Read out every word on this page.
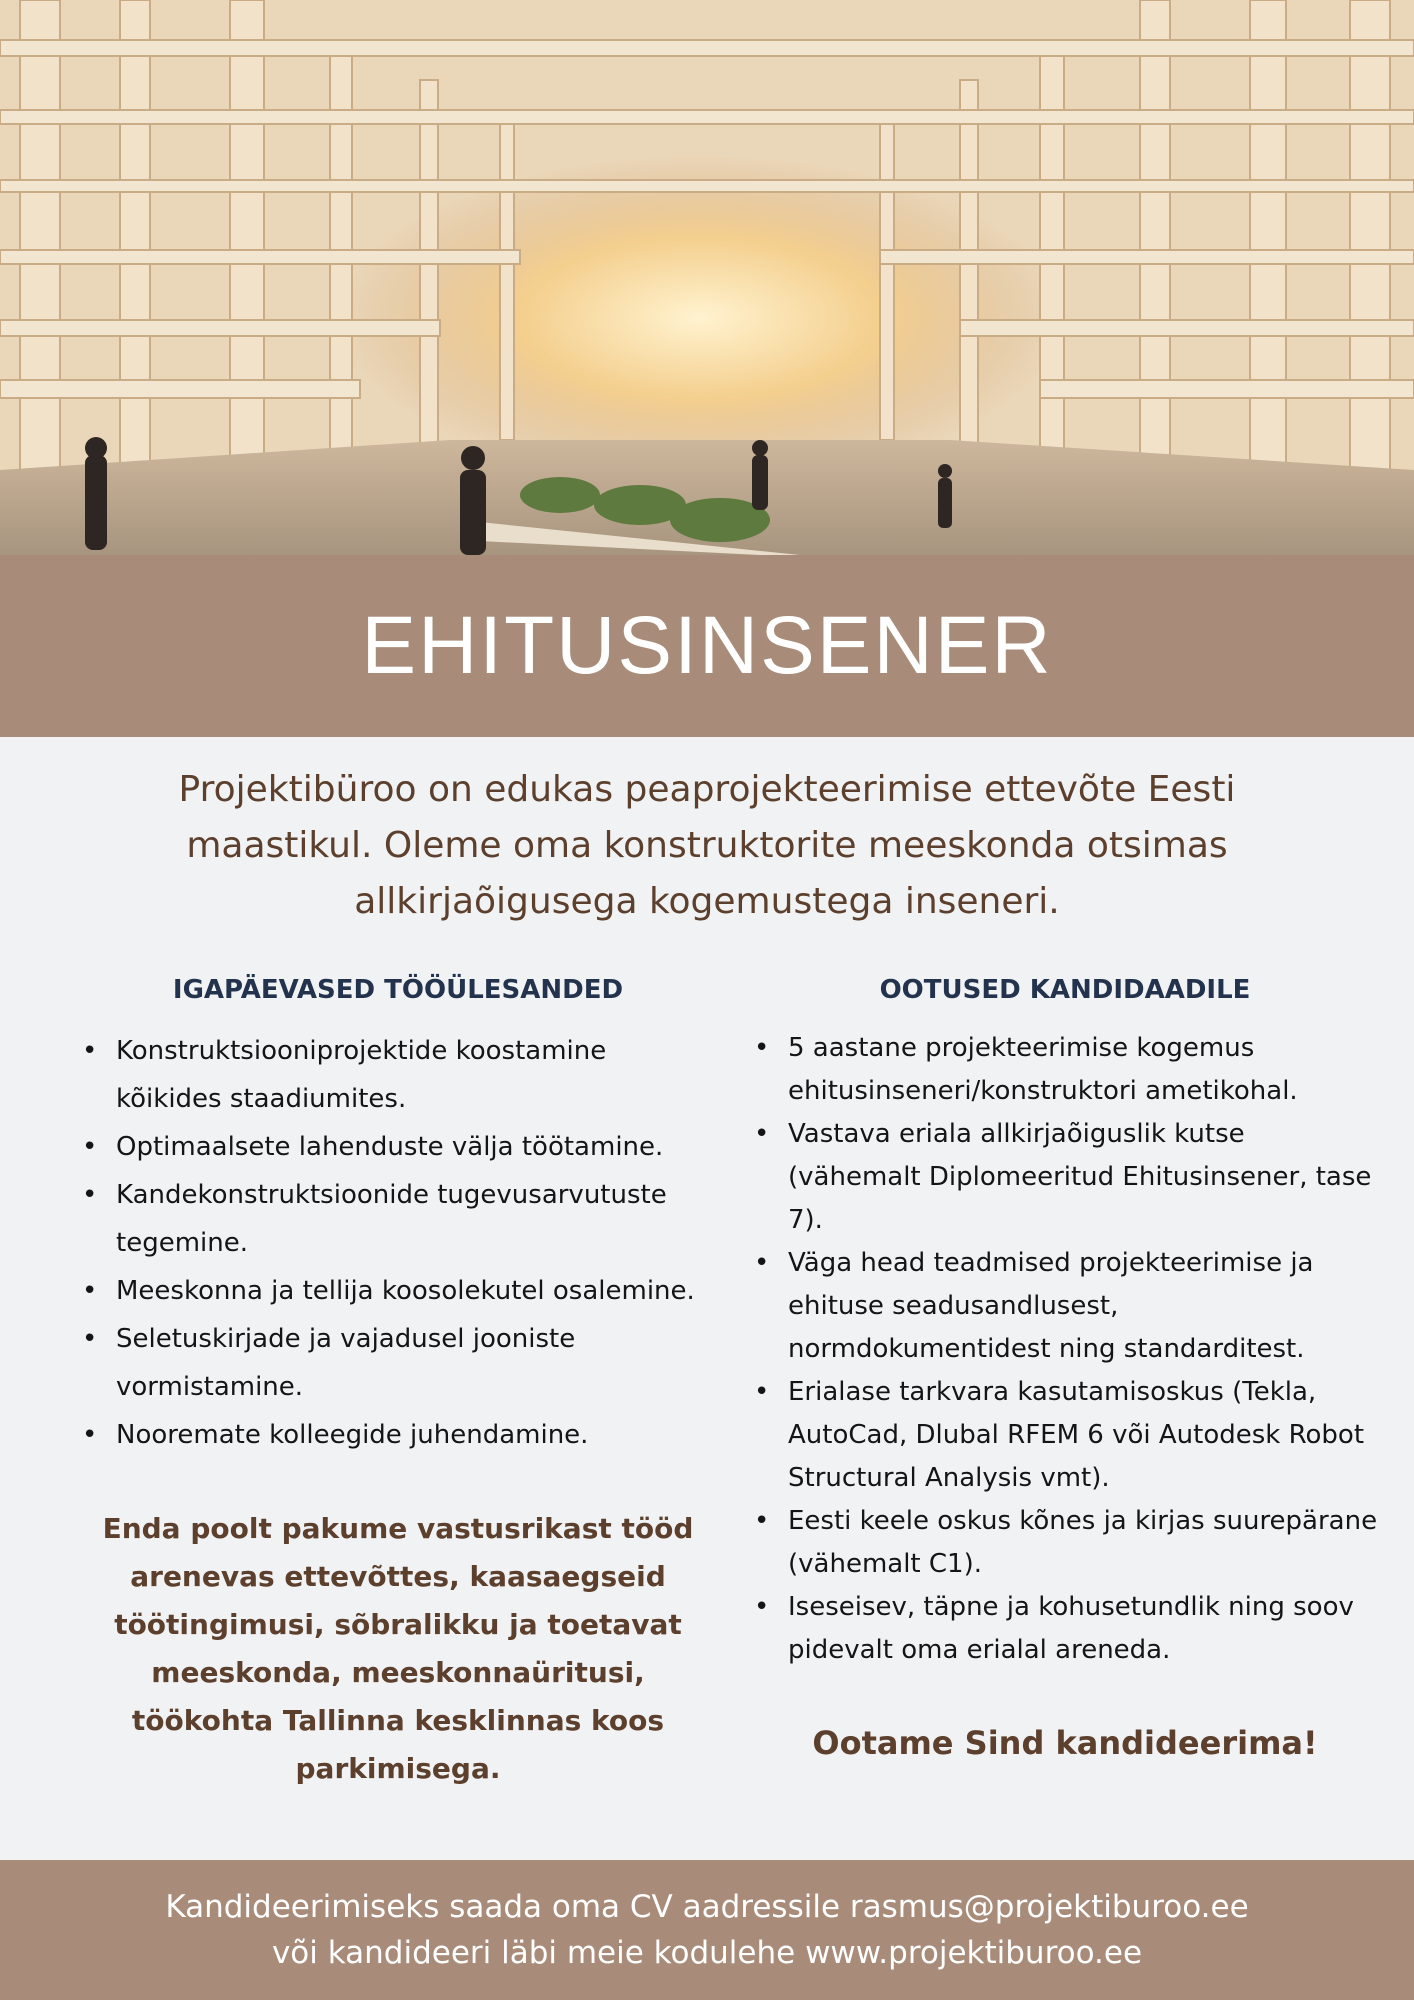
EHITUSINSENER

Projektibüroo on edukas peaprojekteerimise ettevõte Eesti maastikul. Oleme oma konstruktorite meeskonda otsimas allkirjaõigusega kogemustega inseneri.

IGAPÄEVASED TÖÖÜLESANDED
• Konstruktsiooniprojektide koostamine kõikides staadiumites.
• Optimaalsete lahenduste välja töötamine.
• Kandekonstruktsioonide tugevusarvutuste tegemine.
• Meeskonna ja tellija koosolekutel osalemine.
• Seletuskirjade ja vajadusel jooniste vormistamine.
• Nooremate kolleegide juhendamine.

Enda poolt pakume vastusrikast tööd arenevas ettevõttes, kaasaegseid töötingimusi, sõbralikku ja toetavat meeskonda, meeskonnaüritusi, töökohta Tallinna kesklinnas koos parkimisega.

OOTUSED KANDIDAADILE
• 5 aastane projekteerimise kogemus ehitusinseneri/konstruktori ametikohal.
• Vastava eriala allkirjaõiguslik kutse (vähemalt Diplomeeritud Ehitusinsener, tase 7).
• Väga head teadmised projekteerimise ja ehituse seadusandlusest, normdokumentidest ning standarditest.
• Erialase tarkvara kasutamisoskus (Tekla, AutoCad, Dlubal RFEM 6 või Autodesk Robot Structural Analysis vmt).
• Eesti keele oskus kõnes ja kirjas suurepärane (vähemalt C1).
• Iseseisev, täpne ja kohusetundlik ning soov pidevalt oma erialal areneda.

Ootame Sind kandideerima!

Kandideerimiseks saada oma CV aadressile rasmus@projektiburoo.ee
või kandideeri läbi meie kodulehe www.projektiburoo.ee
